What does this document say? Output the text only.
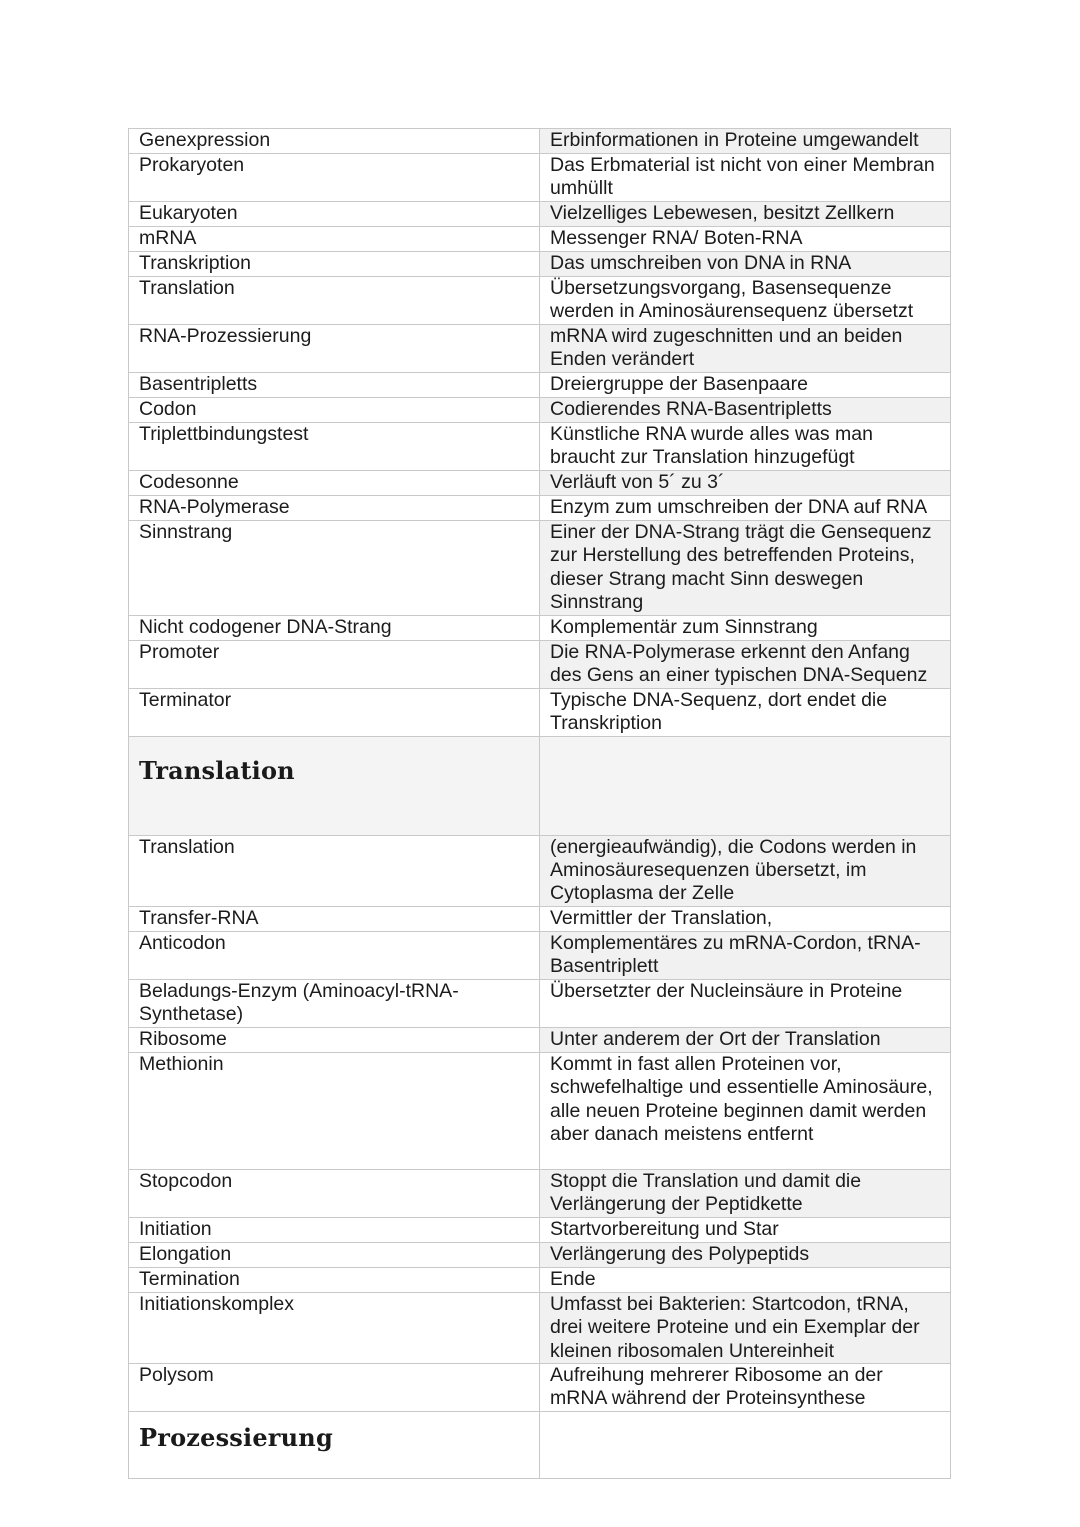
Genexpression	Erbinformationen in Proteine umgewandelt
Prokaryoten	Das Erbmaterial ist nicht von einer Membran umhüllt
Eukaryoten	Vielzelliges Lebewesen, besitzt Zellkern
mRNA	Messenger RNA/ Boten-RNA
Transkription	Das umschreiben von DNA in RNA
Translation	Übersetzungsvorgang, Basensequenze werden in Aminosäurensequenz übersetzt
RNA-Prozessierung	mRNA wird zugeschnitten und an beiden Enden verändert
Basentripletts	Dreiergruppe der Basenpaare
Codon	Codierendes RNA-Basentripletts
Triplettbindungstest	Künstliche RNA wurde alles was man braucht zur Translation hinzugefügt
Codesonne	Verläuft von 5´ zu 3´
RNA-Polymerase	Enzym zum umschreiben der DNA auf RNA
Sinnstrang	Einer der DNA-Strang trägt die Gensequenz zur Herstellung des betreffenden Proteins, dieser Strang macht Sinn deswegen Sinnstrang
Nicht codogener DNA-Strang	Komplementär zum Sinnstrang
Promoter	Die RNA-Polymerase erkennt den Anfang des Gens an einer typischen DNA-Sequenz
Terminator	Typische DNA-Sequenz, dort endet die Transkription
Translation	
Translation	(energieaufwändig), die Codons werden in Aminosäuresequenzen übersetzt, im Cytoplasma der Zelle
Transfer-RNA	Vermittler der Translation,
Anticodon	Komplementäres zu mRNA-Cordon, tRNA-Basentriplett
Beladungs-Enzym (Aminoacyl-tRNA-Synthetase)	Übersetzter der Nucleinsäure in Proteine
Ribosome	Unter anderem der Ort der Translation
Methionin	Kommt in fast allen Proteinen vor, schwefelhaltige und essentielle Aminosäure, alle neuen Proteine beginnen damit werden aber danach meistens entfernt
Stopcodon	Stoppt die Translation und damit die Verlängerung der Peptidkette
Initiation	Startvorbereitung und Star
Elongation	Verlängerung des Polypeptids
Termination	Ende
Initiationskomplex	Umfasst bei Bakterien: Startcodon, tRNA, drei weitere Proteine und ein Exemplar der kleinen ribosomalen Untereinheit
Polysom	Aufreihung mehrerer Ribosome an der mRNA während der Proteinsynthese
Prozessierung	
